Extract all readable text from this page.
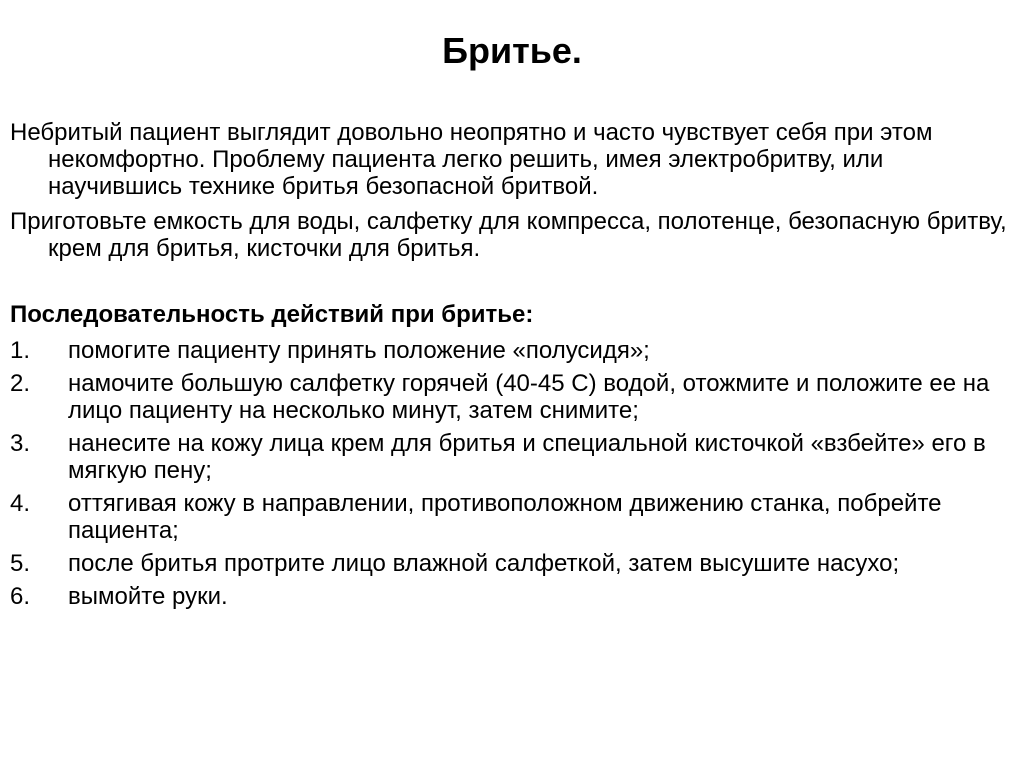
Бритье.
Небритый пациент выглядит довольно неопрятно и часто чувствует себя при этом некомфортно. Проблему пациента легко решить, имея электробритву, или научившись технике бритья безопасной бритвой.
Приготовьте емкость для воды, салфетку для компресса, полотенце, безопасную бритву, крем для бритья, кисточки для бритья.
Последовательность действий при бритье:
1.	помогите пациенту принять положение «полусидя»;
2.	намочите большую салфетку горячей (40-45 С) водой, отожмите и положите ее на лицо пациенту на несколько минут, затем снимите;
3.	нанесите на кожу лица крем для бритья и специальной кисточкой «взбейте» его в мягкую пену;
4.	оттягивая кожу в направлении, противоположном движению станка, побрейте пациента;
5.	после бритья протрите лицо влажной салфеткой, затем высушите насухо;
6.	вымойте руки.
